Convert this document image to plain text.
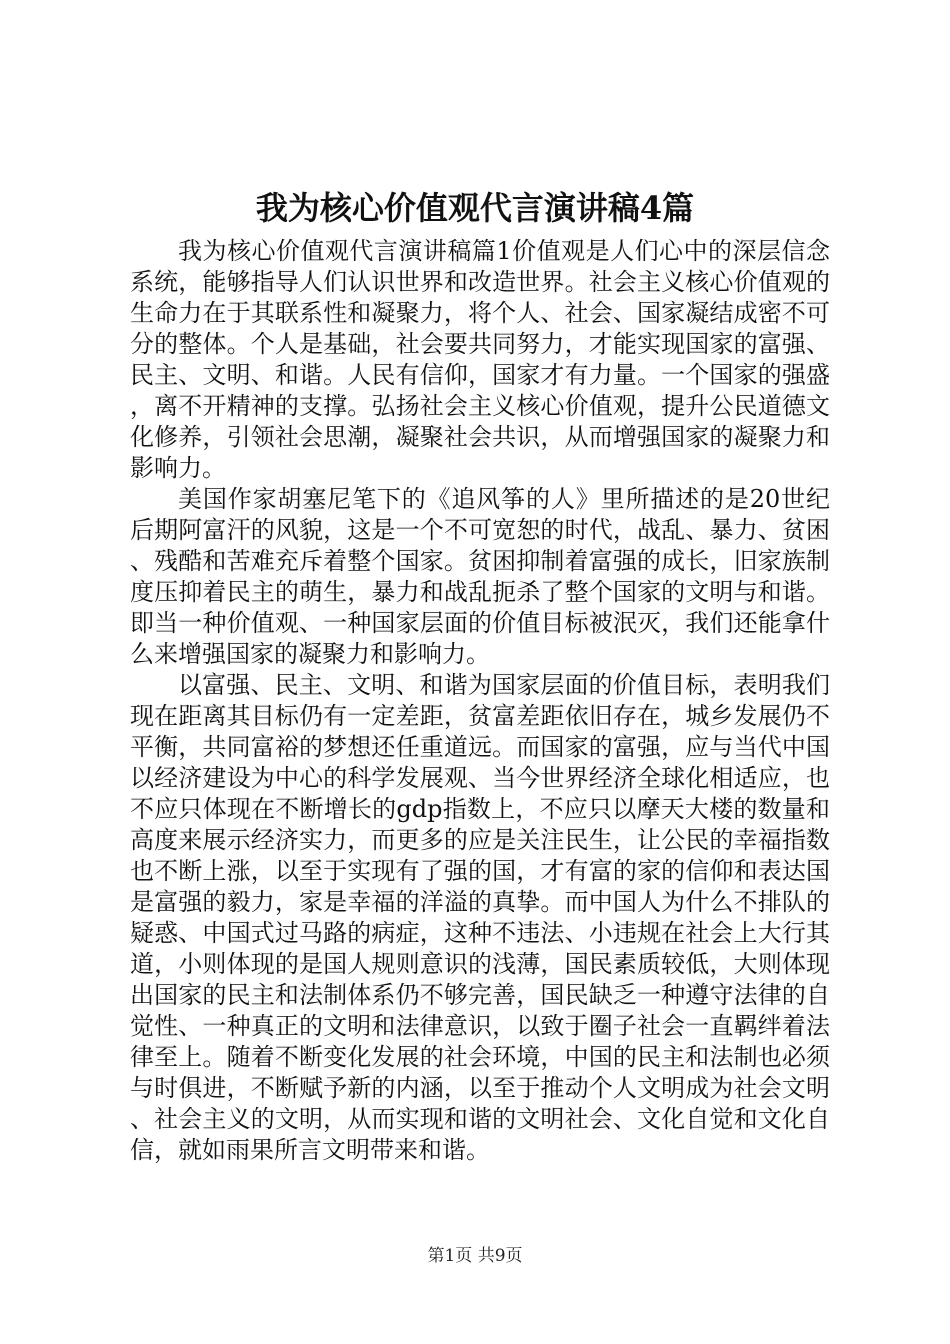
我为核心价值观代言演讲稿4篇

我为核心价值观代言演讲稿篇1价值观是人们心中的深层信念系统，能够指导人们认识世界和改造世界。社会主义核心价值观的生命力在于其联系性和凝聚力，将个人、社会、国家凝结成密不可分的整体。个人是基础，社会要共同努力，才能实现国家的富强、民主、文明、和谐。人民有信仰，国家才有力量。一个国家的强盛，离不开精神的支撑。弘扬社会主义核心价值观，提升公民道德文化修养，引领社会思潮，凝聚社会共识，从而增强国家的凝聚力和影响力。

美国作家胡塞尼笔下的《追风筝的人》里所描述的是20世纪后期阿富汗的风貌，这是一个不可宽恕的时代，战乱、暴力、贫困、残酷和苦难充斥着整个国家。贫困抑制着富强的成长，旧家族制度压抑着民主的萌生，暴力和战乱扼杀了整个国家的文明与和谐。即当一种价值观、一种国家层面的价值目标被泯灭，我们还能拿什么来增强国家的凝聚力和影响力。

以富强、民主、文明、和谐为国家层面的价值目标，表明我们现在距离其目标仍有一定差距，贫富差距依旧存在，城乡发展仍不平衡，共同富裕的梦想还任重道远。而国家的富强，应与当代中国以经济建设为中心的科学发展观、当今世界经济全球化相适应，也不应只体现在不断增长的gdp指数上，不应只以摩天大楼的数量和高度来展示经济实力，而更多的应是关注民生，让公民的幸福指数也不断上涨，以至于实现有了强的国，才有富的家的信仰和表达国是富强的毅力，家是幸福的洋溢的真挚。而中国人为什么不排队的疑惑、中国式过马路的病症，这种不违法、小违规在社会上大行其道，小则体现的是国人规则意识的浅薄，国民素质较低，大则体现出国家的民主和法制体系仍不够完善，国民缺乏一种遵守法律的自觉性、一种真正的文明和法律意识，以致于圈子社会一直羁绊着法律至上。随着不断变化发展的社会环境，中国的民主和法制也必须与时俱进，不断赋予新的内涵，以至于推动个人文明成为社会文明、社会主义的文明，从而实现和谐的文明社会、文化自觉和文化自信，就如雨果所言文明带来和谐。

第1页 共9页
